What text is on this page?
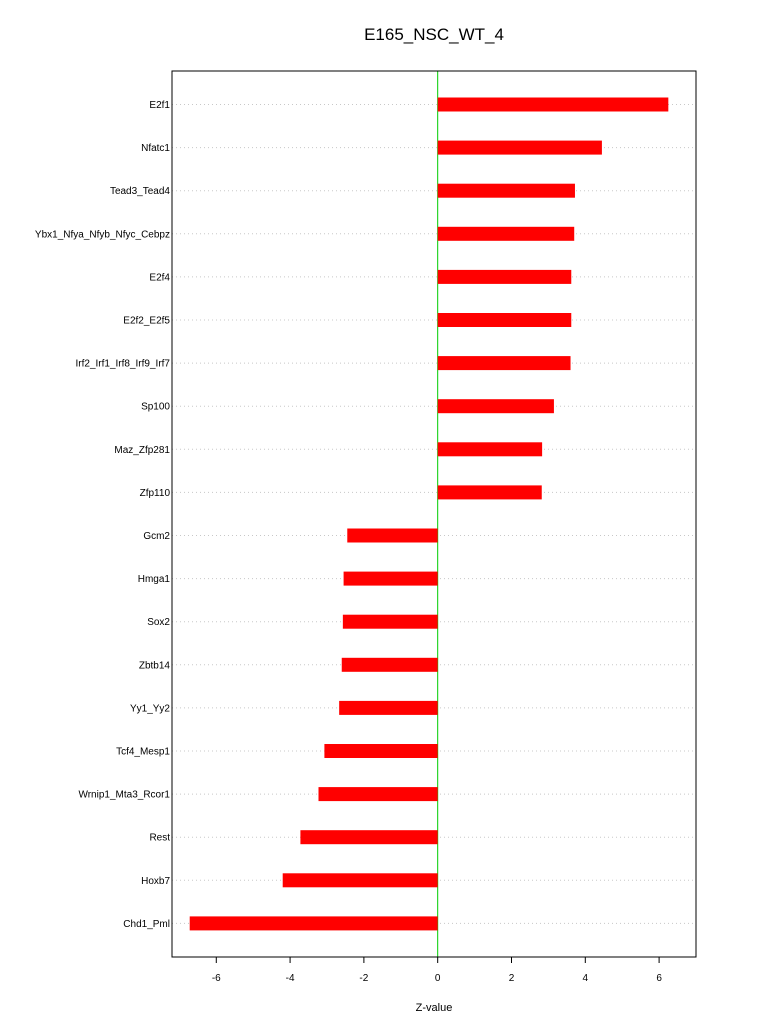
E165_NSC_WT_4
E2f1
Nfatc1
Tead3_Tead4
Ybx1_Nfya_Nfyb_Nfyc_Cebpz
E2f4
E2f2_E2f5
Irf2_Irf1_Irf8_Irf9_Irf7
Sp100
Maz_Zfp281
Zfp110
Gcm2
Hmga1
Sox2
Zbtb14
Yy1_Yy2
Tcf4_Mesp1
Wrnip1_Mta3_Rcor1
Rest
Hoxb7
Chd1_Pml
-6	-4	-2	0	2	4	6
Z-value
